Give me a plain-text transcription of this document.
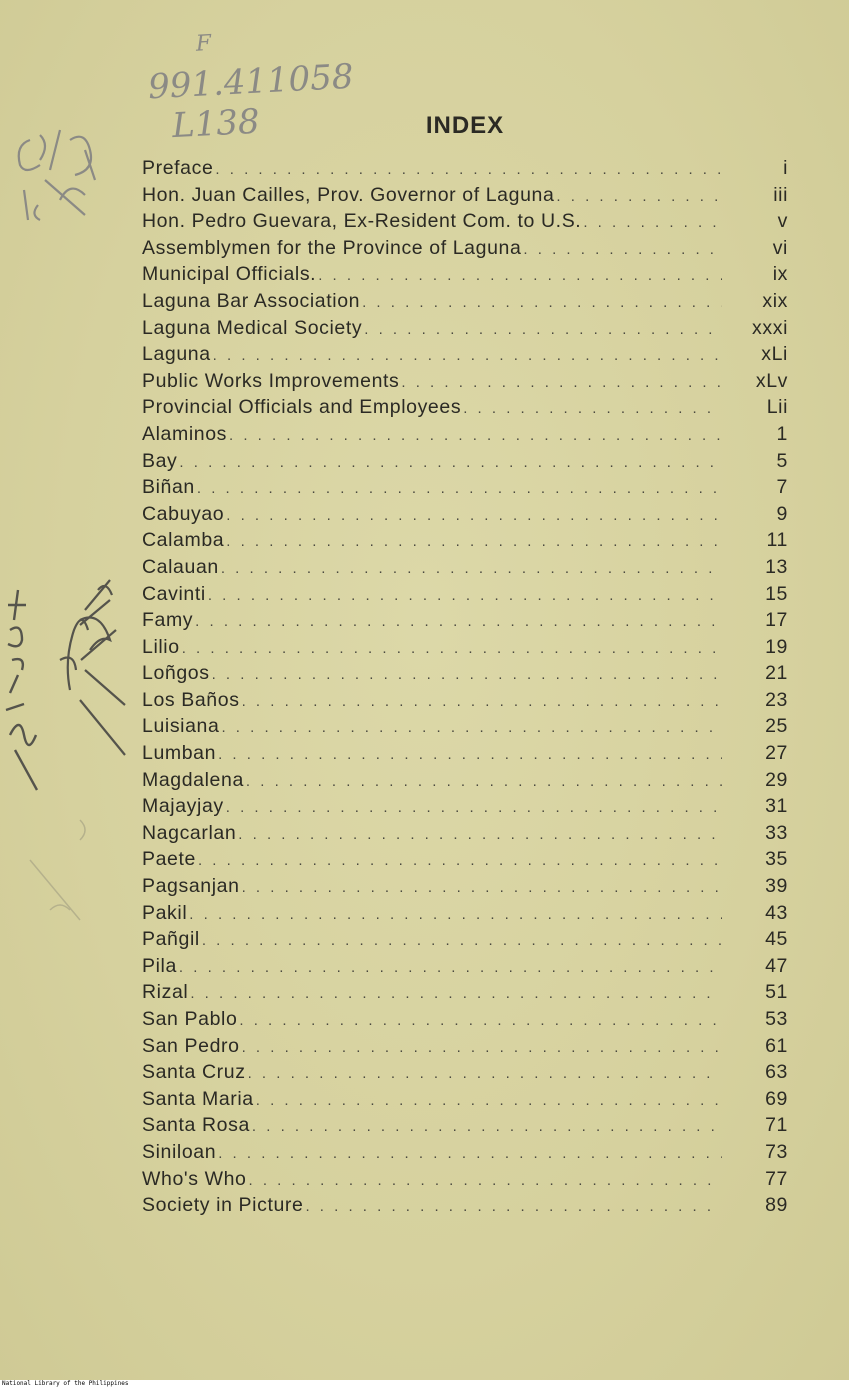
F
991.411058
L138	INDEX
Preface . . .	i
Hon. Juan Cailles, Prov. Governor of Laguna . . .	iii
Hon. Pedro Guevara, Ex-Resident Com. to U.S. . . .	v
Assemblymen for the Province of Laguna . . .	vi
Municipal Officials. . . .	ix
Laguna Bar Association . . .	xix
Laguna Medical Society . . .	xxxi
Laguna . . .	xLi
Public Works Improvements . . .	xLv
Provincial Officials and Employees . . .	Lii
Alaminos . . .	1
Bay . . .	5
Biñan . . .	7
Cabuyao . . .	9
Calamba . . .	11
Calauan . . .	13
Cavinti . . .	15
Famy . . .	17
Lilio . . .	19
Loñgos . . .	21
Los Baños . . .	23
Luisiana . . .	25
Lumban . . .	27
Magdalena . . .	29
Majayjay . . .	31
Nagcarlan . . .	33
Paete . . .	35
Pagsanjan . . .	39
Pakil . . .	43
Pañgil . . .	45
Pila . . .	47
Rizal . . .	51
San Pablo . . .	53
San Pedro . . .	61
Santa Cruz . . .	63
Santa Maria . . .	69
Santa Rosa . . .	71
Siniloan . . .	73
Who's Who . . .	77
Society in Picture . . .	89
National Library of the Philippines
